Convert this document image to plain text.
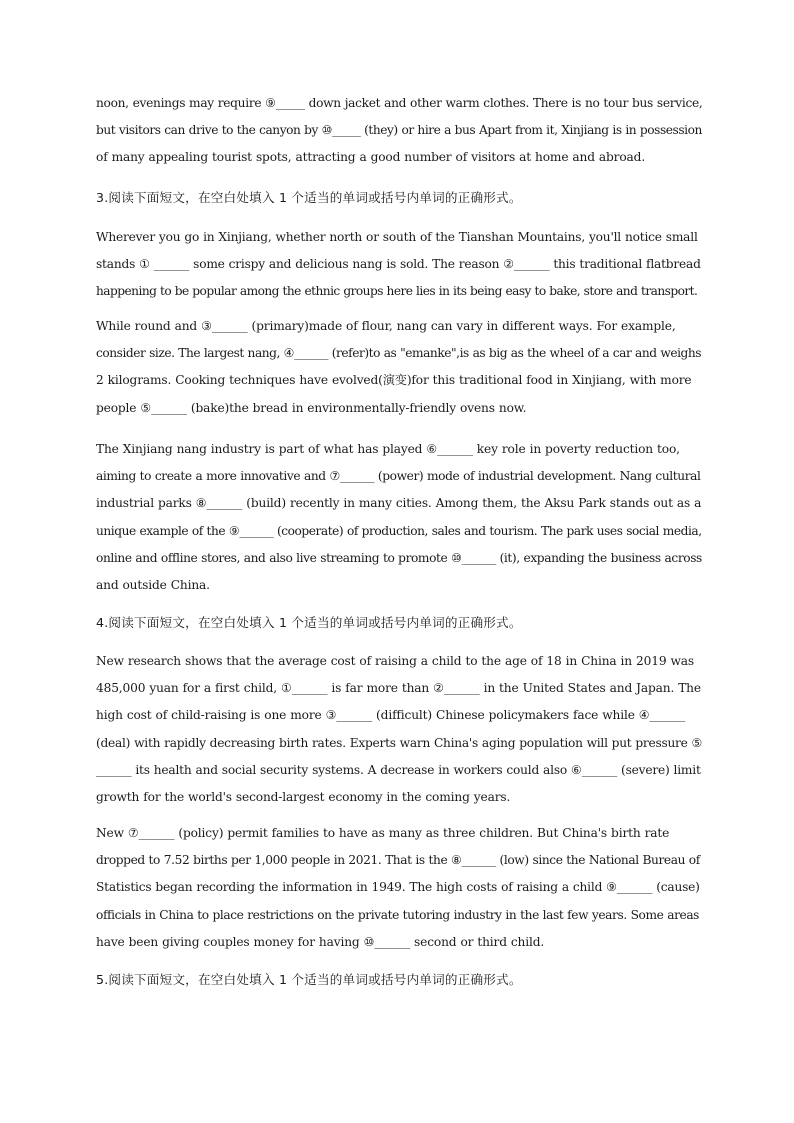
noon, evenings may require ⑨_____ down jacket and other warm clothes. There is no tour bus service,
but visitors can drive to the canyon by ⑩_____ (they) or hire a bus Apart from it, Xinjiang is in possession
of many appealing tourist spots, attracting a good number of visitors at home and abroad.
3.阅读下面短文，在空白处填入 1 个适当的单词或括号内单词的正确形式。
Wherever you go in Xinjiang, whether north or south of the Tianshan Mountains, you'll notice small
stands ① ______ some crispy and delicious nang is sold. The reason ②______ this traditional flatbread
happening to be popular among the ethnic groups here lies in its being easy to bake, store and transport.
While round and ③______ (primary)made of flour, nang can vary in different ways. For example,
consider size. The largest nang, ④______ (refer)to as "emanke",is as big as the wheel of a car and weighs
2 kilograms. Cooking techniques have evolved(演变)for this traditional food in Xinjiang, with more
people ⑤______ (bake)the bread in environmentally-friendly ovens now.
The Xinjiang nang industry is part of what has played ⑥______ key role in poverty reduction too,
aiming to create a more innovative and ⑦______ (power) mode of industrial development. Nang cultural
industrial parks ⑧______ (build) recently in many cities. Among them, the Aksu Park stands out as a
unique example of the ⑨______ (cooperate) of production, sales and tourism. The park uses social media,
online and offline stores, and also live streaming to promote ⑩______ (it), expanding the business across
and outside China.
4.阅读下面短文，在空白处填入 1 个适当的单词或括号内单词的正确形式。
New research shows that the average cost of raising a child to the age of 18 in China in 2019 was
485,000 yuan for a first child, ①______ is far more than ②______ in the United States and Japan. The
high cost of child-raising is one more ③______ (difficult) Chinese policymakers face while ④______
(deal) with rapidly decreasing birth rates. Experts warn China's aging population will put pressure ⑤
______ its health and social security systems. A decrease in workers could also ⑥______ (severe) limit
growth for the world's second-largest economy in the coming years.
New ⑦______ (policy) permit families to have as many as three children. But China's birth rate
dropped to 7.52 births per 1,000 people in 2021. That is the ⑧______ (low) since the National Bureau of
Statistics began recording the information in 1949. The high costs of raising a child ⑨______ (cause)
officials in China to place restrictions on the private tutoring industry in the last few years. Some areas
have been giving couples money for having ⑩______ second or third child.
5.阅读下面短文，在空白处填入 1 个适当的单词或括号内单词的正确形式。
